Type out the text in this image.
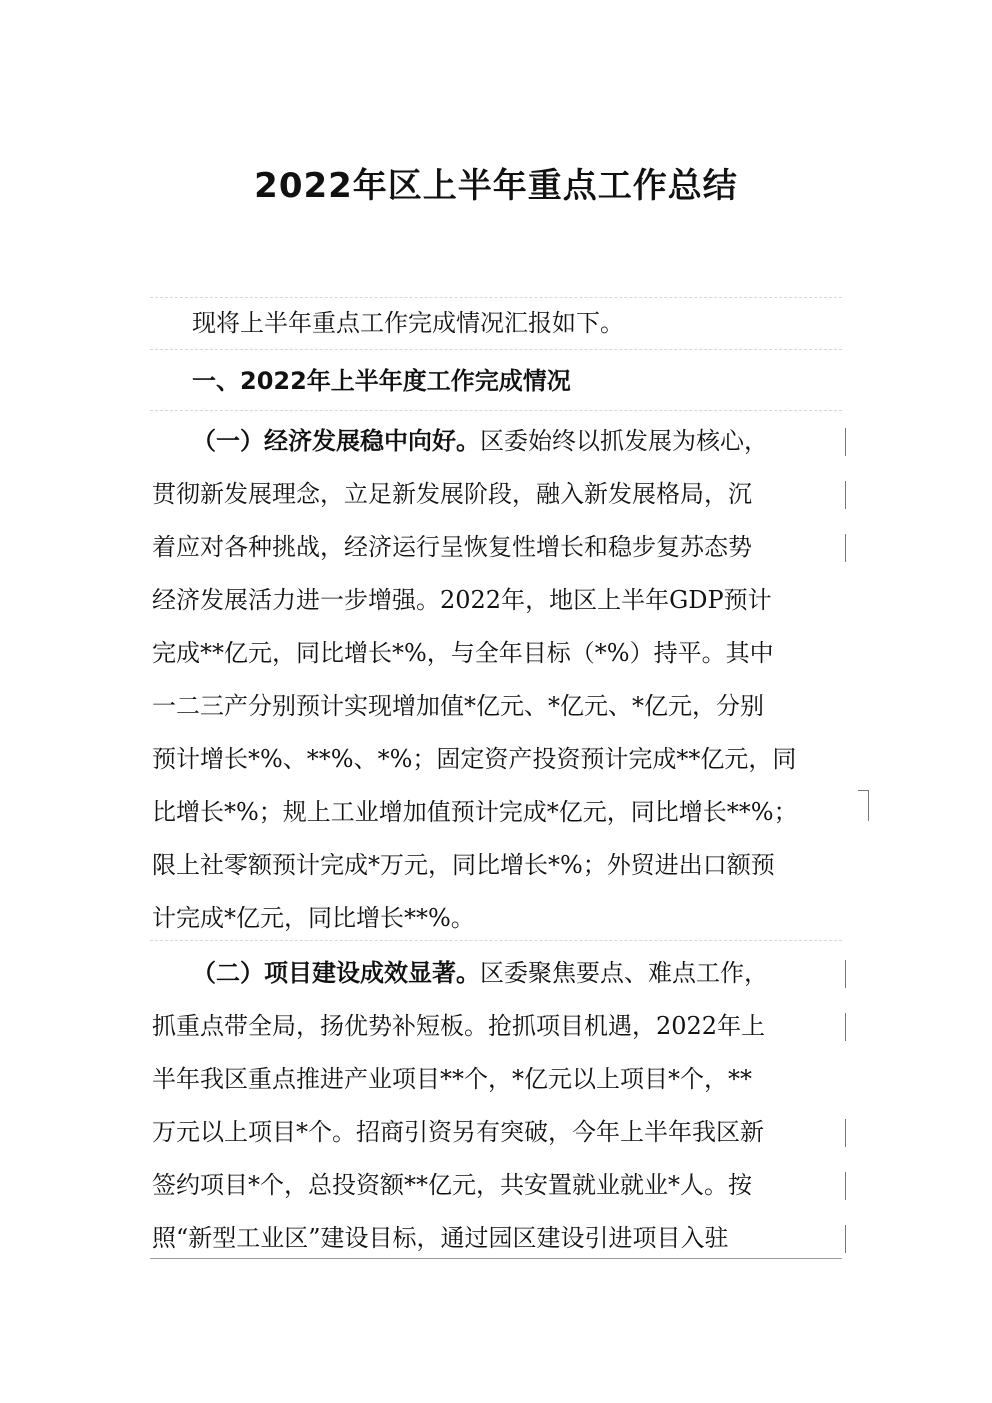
2022年区上半年重点工作总结
现将上半年重点工作完成情况汇报如下。
一、2022年上半年度工作完成情况
（一）经济发展稳中向好。区委始终以抓发展为核心，
贯彻新发展理念，立足新发展阶段，融入新发展格局，沉
着应对各种挑战，经济运行呈恢复性增长和稳步复苏态势
经济发展活力进一步增强。2022年，地区上半年GDP预计
完成**亿元，同比增长*%，与全年目标（*%）持平。其中
一二三产分别预计实现增加值*亿元、*亿元、*亿元，分别
预计增长*%、**%、*%；固定资产投资预计完成**亿元，同
比增长*%；规上工业增加值预计完成*亿元，同比增长**%；
限上社零额预计完成*万元，同比增长*%；外贸进出口额预
计完成*亿元，同比增长**%。
（二）项目建设成效显著。区委聚焦要点、难点工作，
抓重点带全局，扬优势补短板。抢抓项目机遇，2022年上
半年我区重点推进产业项目**个，*亿元以上项目*个，**
万元以上项目*个。招商引资另有突破，今年上半年我区新
签约项目*个，总投资额**亿元，共安置就业就业*人。按
照“新型工业区”建设目标，通过园区建设引进项目入驻
